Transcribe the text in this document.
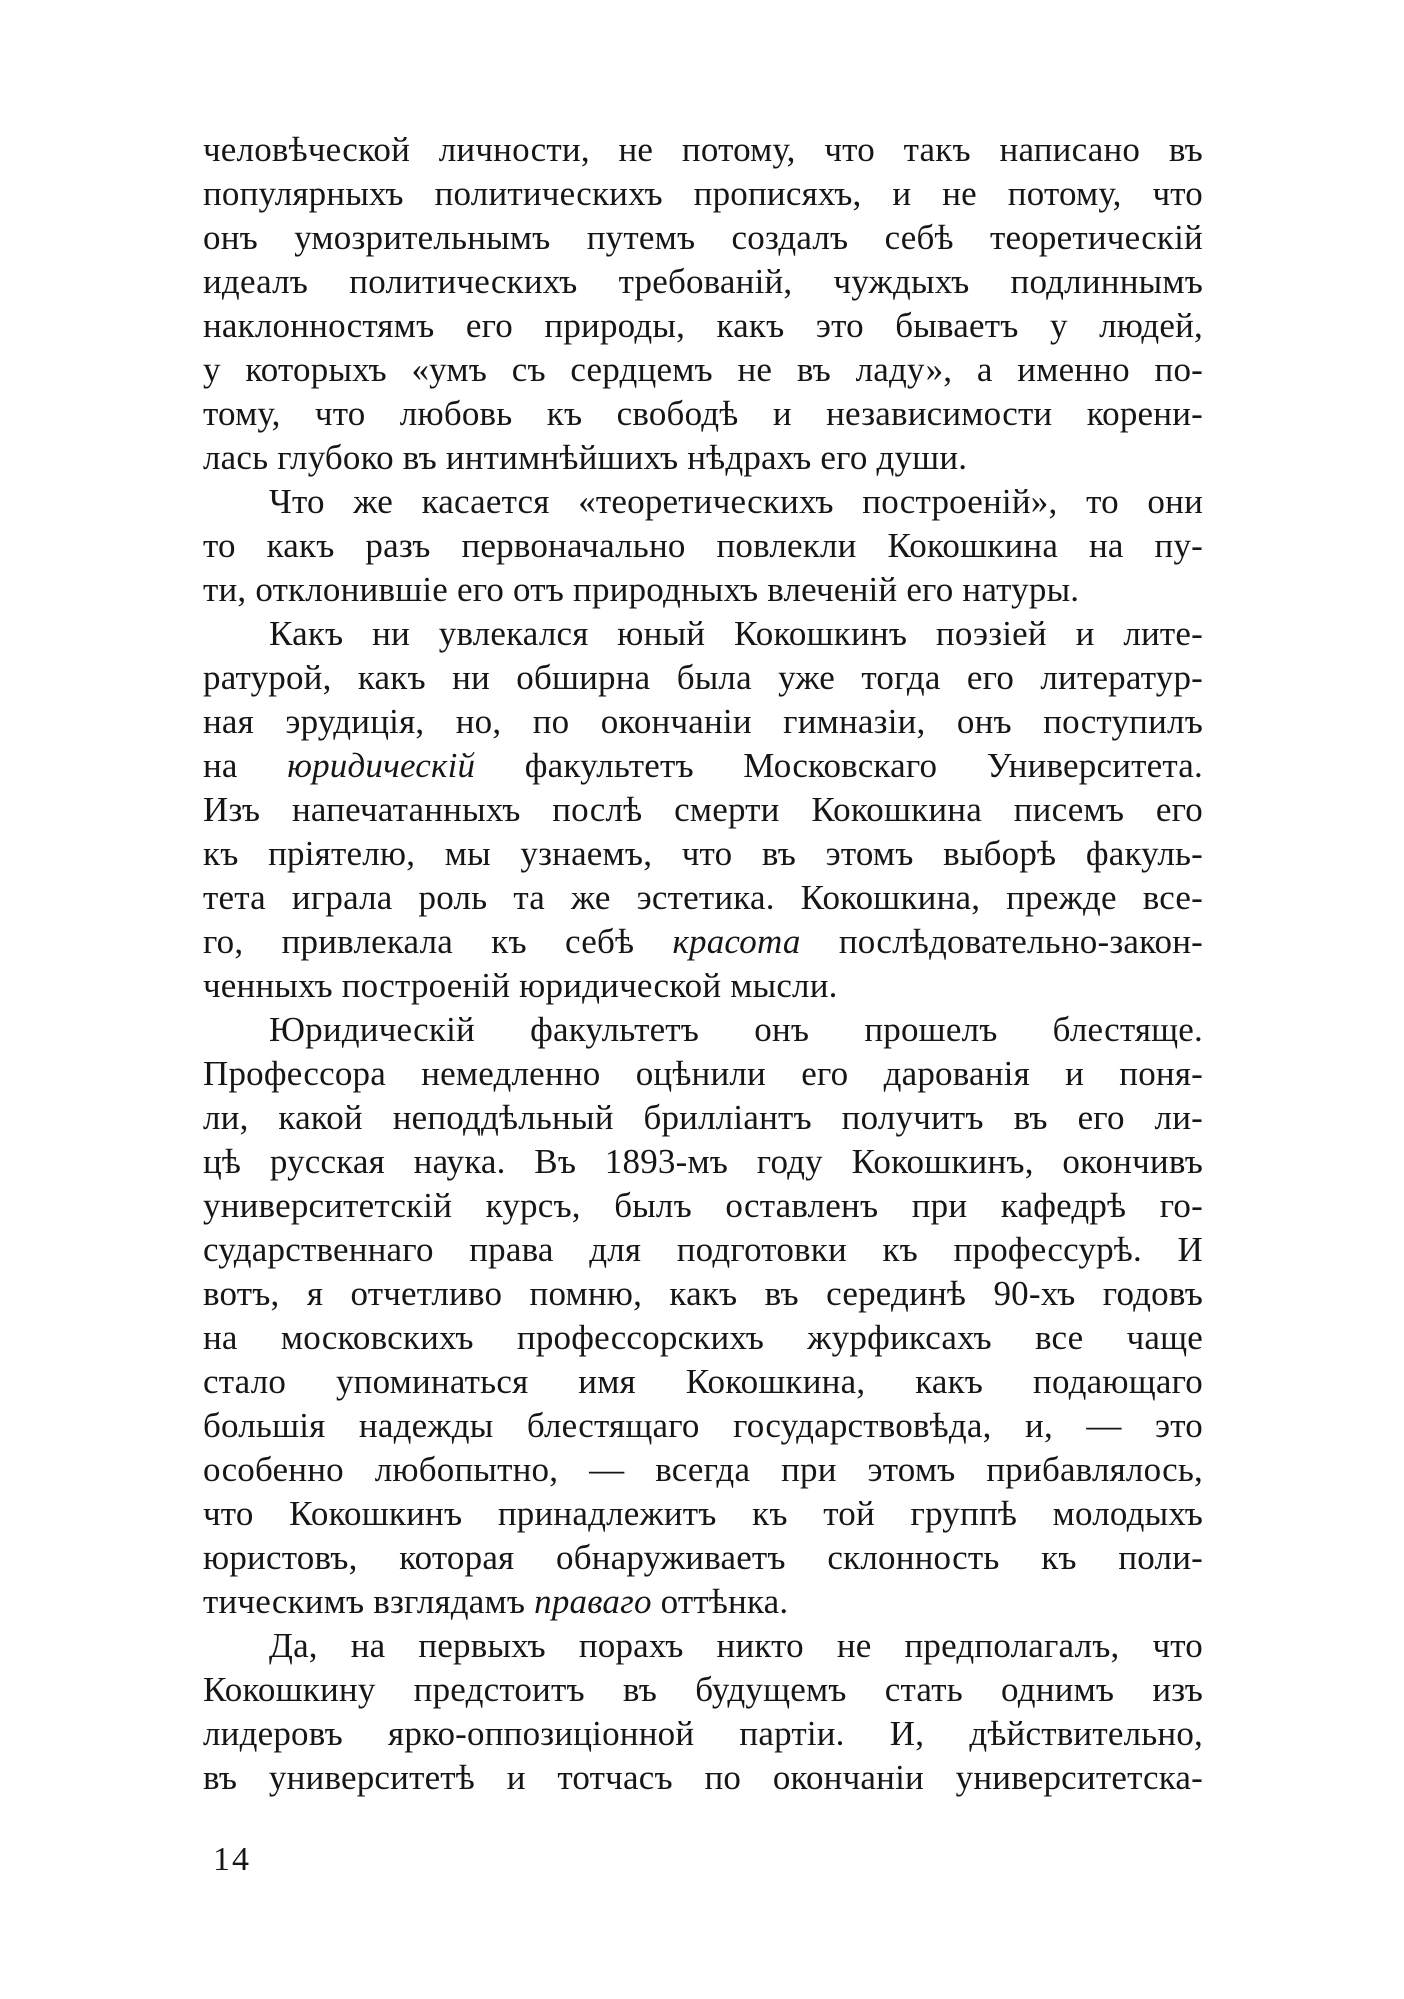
человѣческой личности, не потому, что такъ написано въ
популярныхъ политическихъ прописяхъ, и не потому, что
онъ умозрительнымъ путемъ создалъ себѣ теоретическій
идеалъ политическихъ требованій, чуждыхъ подлиннымъ
наклонностямъ его природы, какъ это бываетъ у людей,
у которыхъ «умъ съ сердцемъ не въ ладу», а именно по-
тому, что любовь къ свободѣ и независимости корени-
лась глубоко въ интимнѣйшихъ нѣдрахъ его души.
Что же касается «теоретическихъ построеній», то они
то какъ разъ первоначально повлекли Кокошкина на пу-
ти, отклонившіе его отъ природныхъ влеченій его натуры.
Какъ ни увлекался юный Кокошкинъ поэзіей и лите-
ратурой, какъ ни обширна была уже тогда его литератур-
ная эрудиція, но, по окончаніи гимназіи, онъ поступилъ
на юридическій факультетъ Московскаго Университета.
Изъ напечатанныхъ послѣ смерти Кокошкина писемъ его
къ пріятелю, мы узнаемъ, что въ этомъ выборѣ факуль-
тета играла роль та же эстетика. Кокошкина, прежде все-
го, привлекала къ себѣ красота послѣдовательно-закон-
ченныхъ построеній юридической мысли.
Юридическій факультетъ онъ прошелъ блестяще.
Профессора немедленно оцѣнили его дарованія и поня-
ли, какой неподдѣльный бриллiантъ получитъ въ его ли-
цѣ русская наука. Въ 1893-мъ году Кокошкинъ, окончивъ
университетскій курсъ, былъ оставленъ при кафедрѣ го-
сударственнаго права для подготовки къ профессурѣ. И
вотъ, я отчетливо помню, какъ въ серединѣ 90-хъ годовъ
на московскихъ профессорскихъ журфиксахъ все чаще
стало упоминаться имя Кокошкина, какъ подающаго
большія надежды блестящаго государствовѣда, и, — это
особенно любопытно, — всегда при этомъ прибавлялось,
что Кокошкинъ принадлежитъ къ той группѣ молодыхъ
юристовъ, которая обнаруживаетъ склонность къ поли-
тическимъ взглядамъ праваго оттѣнка.
Да, на первыхъ порахъ никто не предполагалъ, что
Кокошкину предстоитъ въ будущемъ стать однимъ изъ
лидеровъ ярко-оппозиціонной партіи. И, дѣйствительно,
въ университетѣ и тотчасъ по окончаніи университетска-
14
